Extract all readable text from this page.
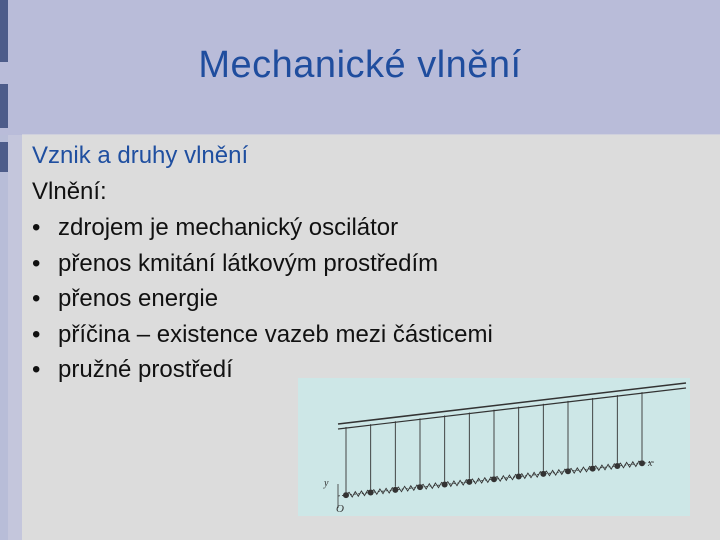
Mechanické vlnění
Vznik a druhy vlnění
Vlnění:
• zdrojem je mechanický oscilátor
• přenos kmitání látkovým prostředím
• přenos energie
• příčina – existence vazeb mezi částicemi
• pružné prostředí
x
y
O
